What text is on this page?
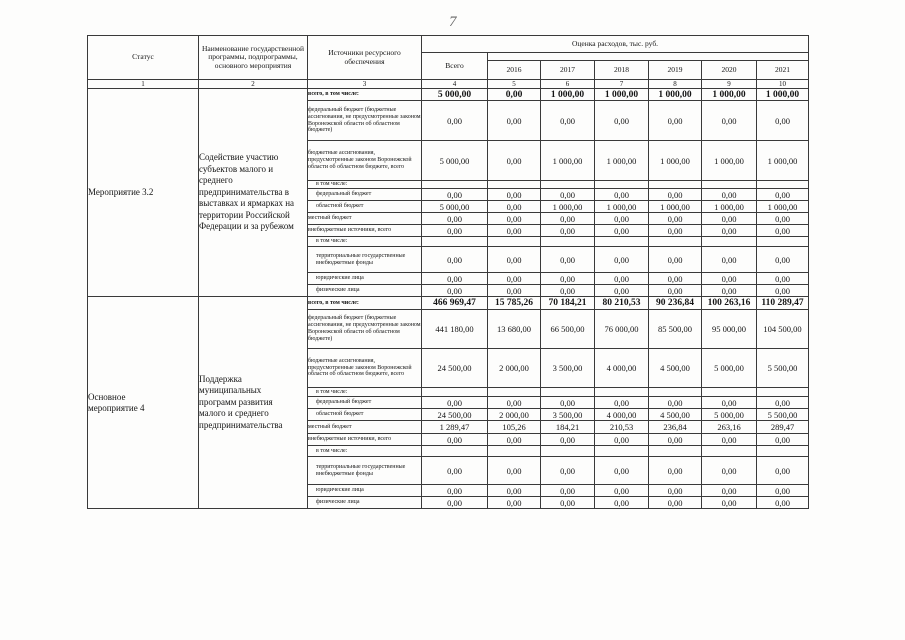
7
Статус	Наименование государственной программы, подпрограммы, основного мероприятия	Источники ресурсного обеспечения	Оценка расходов, тыс. руб.						
			Всего						
				2016	2017	2018	2019	2020	2021
1	2	3	4	5	6	7	8	9	10

Мероприятие 3.2	Содействие участию субъектов малого и среднего предпринимательства в выставках и ярмарках на территории Российской Федерации и за рубежом	всего, в том числе:	5 000,00	0,00	1 000,00	1 000,00	1 000,00	1 000,00	1 000,00
		федеральный бюджет (бюджетные ассигнования, не предусмотренные законом Воронежской области об областном бюджете)	0,00	0,00	0,00	0,00	0,00	0,00	0,00
		бюджетные ассигнования, предусмотренные законом Воронежской области об областном бюджете, всего	5 000,00	0,00	1 000,00	1 000,00	1 000,00	1 000,00	1 000,00
		в том числе:							
		федеральный бюджет	0,00	0,00	0,00	0,00	0,00	0,00	0,00
		областной бюджет	5 000,00	0,00	1 000,00	1 000,00	1 000,00	1 000,00	1 000,00
		местный бюджет	0,00	0,00	0,00	0,00	0,00	0,00	0,00
		внебюджетные источники, всего	0,00	0,00	0,00	0,00	0,00	0,00	0,00
		в том числе:							
		территориальные государственные внебюджетные фонды	0,00	0,00	0,00	0,00	0,00	0,00	0,00
		юридические лица	0,00	0,00	0,00	0,00	0,00	0,00	0,00
		физические лица	0,00	0,00	0,00	0,00	0,00	0,00	0,00

Основное мероприятие 4	Поддержка муниципальных программ развития малого и среднего предпринимательства	всего, в том числе:	466 969,47	15 785,26	70 184,21	80 210,53	90 236,84	100 263,16	110 289,47
		федеральный бюджет (бюджетные ассигнования, не предусмотренные законом Воронежской области об областном бюджете)	441 180,00	13 680,00	66 500,00	76 000,00	85 500,00	95 000,00	104 500,00
		бюджетные ассигнования, предусмотренные законом Воронежской области об областном бюджете, всего	24 500,00	2 000,00	3 500,00	4 000,00	4 500,00	5 000,00	5 500,00
		в том числе:							
		федеральный бюджет	0,00	0,00	0,00	0,00	0,00	0,00	0,00
		областной бюджет	24 500,00	2 000,00	3 500,00	4 000,00	4 500,00	5 000,00	5 500,00
		местный бюджет	1 289,47	105,26	184,21	210,53	236,84	263,16	289,47
		внебюджетные источники, всего	0,00	0,00	0,00	0,00	0,00	0,00	0,00
		в том числе:							
		территориальные государственные внебюджетные фонды	0,00	0,00	0,00	0,00	0,00	0,00	0,00
		юридические лица	0,00	0,00	0,00	0,00	0,00	0,00	0,00
		физические лица	0,00	0,00	0,00	0,00	0,00	0,00	0,00
